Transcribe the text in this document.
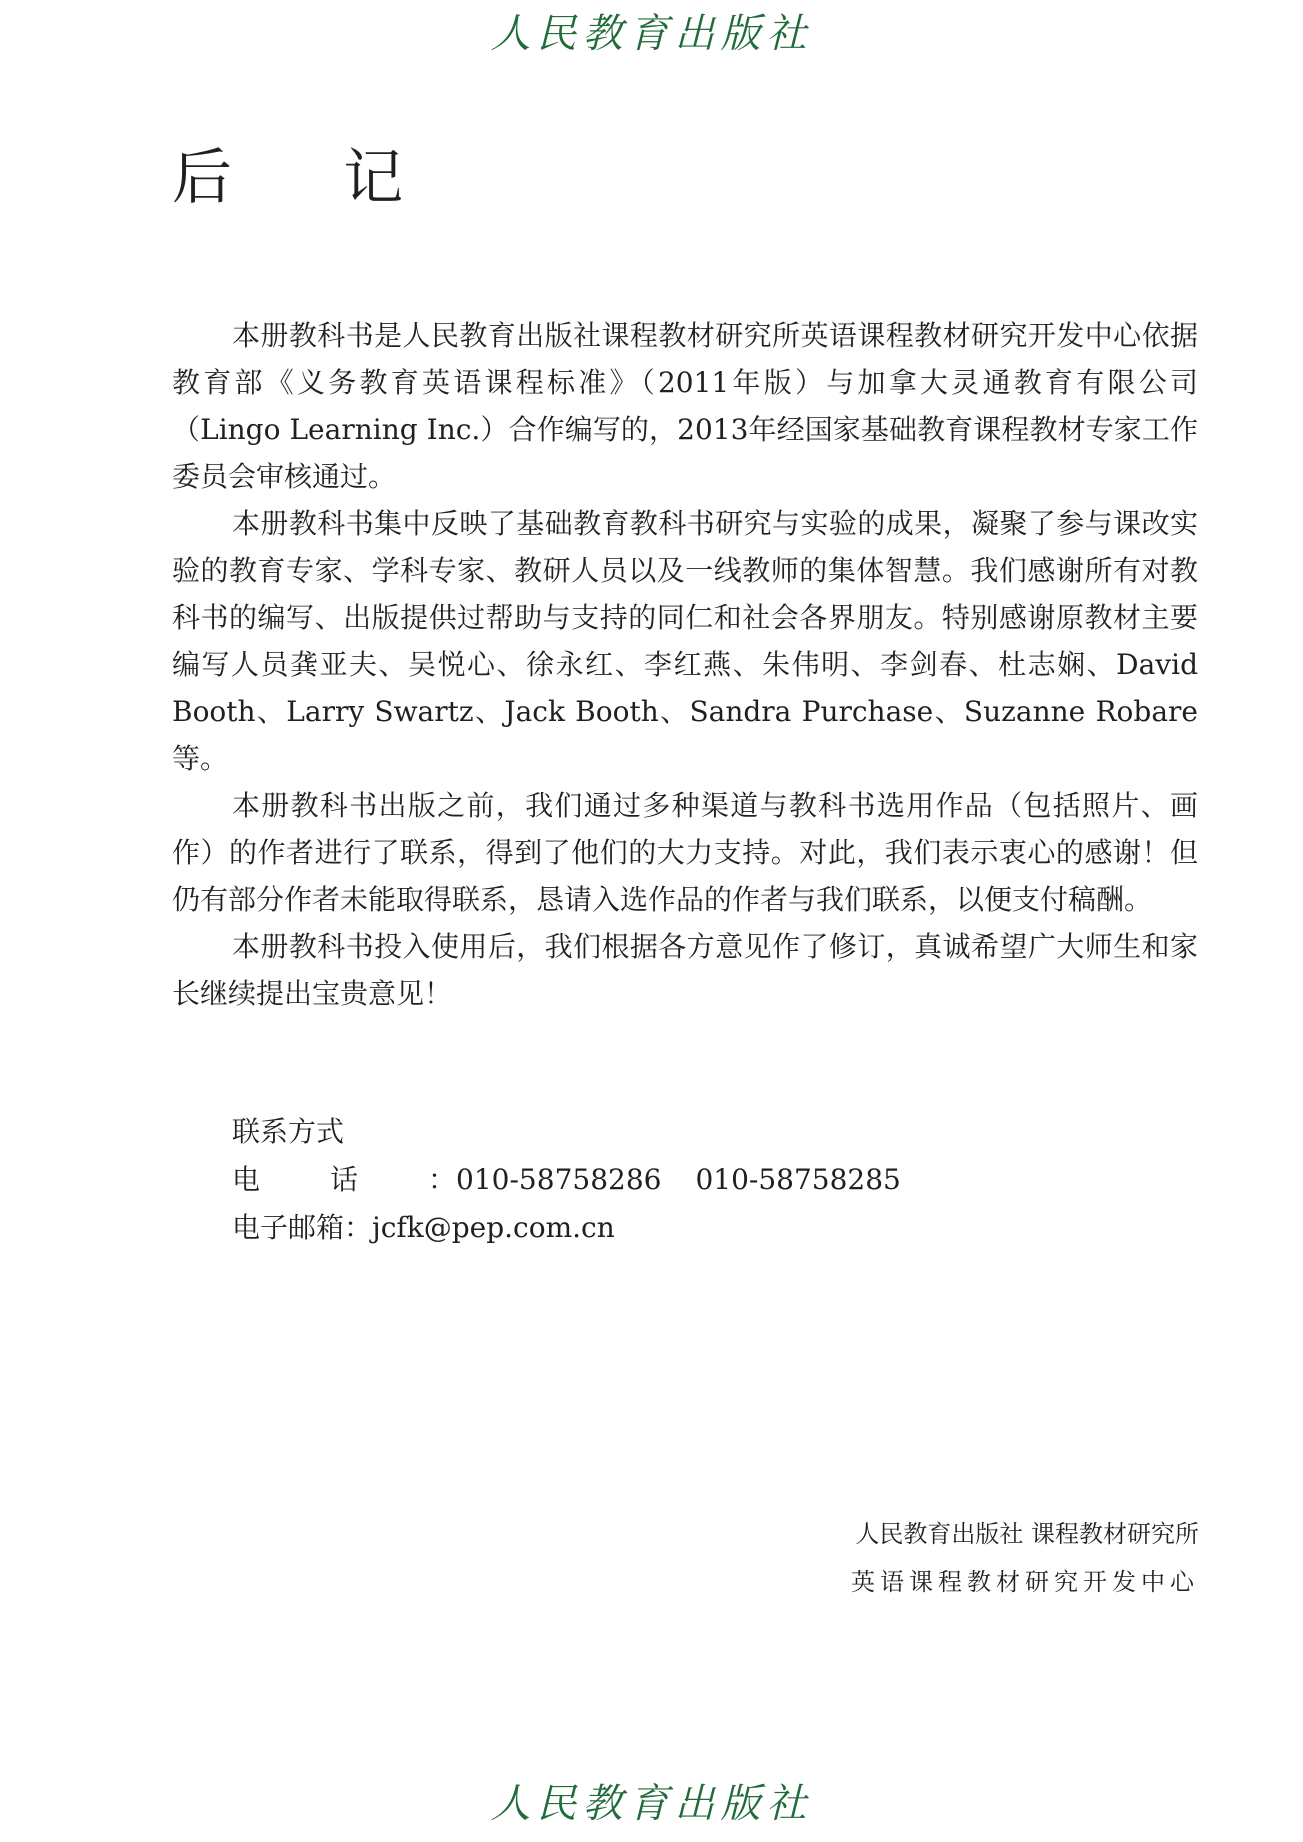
人民教育出版社
后 记

本册教科书是人民教育出版社课程教材研究所英语课程教材研究开发中心依据教育部《义务教育英语课程标准》（2011年版）与加拿大灵通教育有限公司（Lingo Learning Inc.）合作编写的，2013年经国家基础教育课程教材专家工作委员会审核通过。

本册教科书集中反映了基础教育教科书研究与实验的成果，凝聚了参与课改实验的教育专家、学科专家、教研人员以及一线教师的集体智慧。我们感谢所有对教科书的编写、出版提供过帮助与支持的同仁和社会各界朋友。特别感谢原教材主要编写人员龚亚夫、吴悦心、徐永红、李红燕、朱伟明、李剑春、杜志娴、David Booth、Larry Swartz、Jack Booth、Sandra Purchase、Suzanne Robare 等。

本册教科书出版之前，我们通过多种渠道与教科书选用作品（包括照片、画作）的作者进行了联系，得到了他们的大力支持。对此，我们表示衷心的感谢！但仍有部分作者未能取得联系，恳请入选作品的作者与我们联系，以便支付稿酬。

本册教科书投入使用后，我们根据各方意见作了修订，真诚希望广大师生和家长继续提出宝贵意见！

联系方式
电话：010-58758286 010-58758285
电子邮箱：jcfk@pep.com.cn
人民教育出版社 课程教材研究所
英语课程教材研究开发中心
人民教育出版社
